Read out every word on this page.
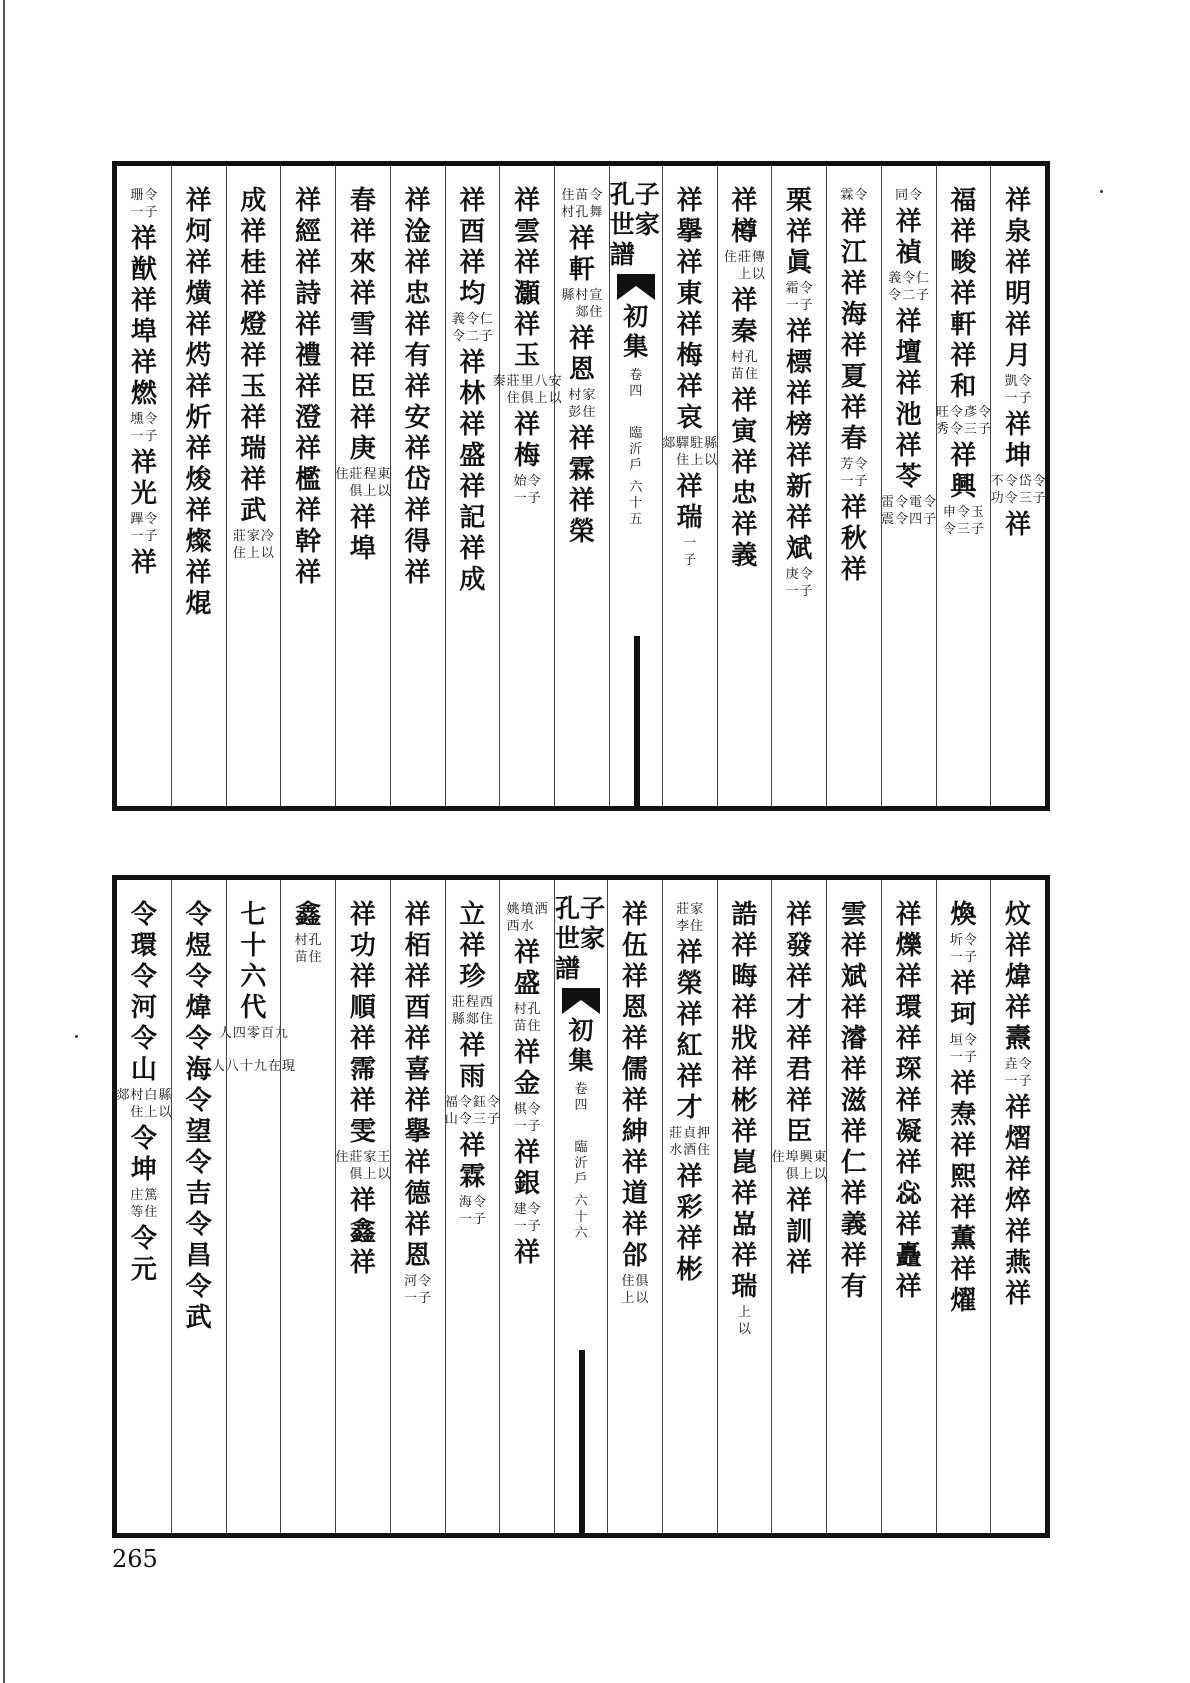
祥
泉
祥
明
祥
月
令
子
凱
一
祥
坤
令
子
岱
三
令
令
不
功
祥
福
祥
畯
祥
軒
祥
和
令
子
彥
三
令
令
旺
秀
祥
興
玉
子
令
三
申
令
令
同
祥
禎
仁
子
令
二
義
令
祥
壇
祥
池
祥
苓
令
子
電
四
令
令
雷
震
令
霖
祥
江
祥
海
祥
夏
祥
春
令
子
芳
一
祥
秋
祥
栗
祥
眞
令
子
霜
一
祥
標
祥
榜
祥
新
祥
斌
令
子
庚
一
祥
樽
傳
以
莊
上
住
祥
秦
孔
住
村
苗
祥
寅
祥
忠
祥
義
祥
擧
祥
東
祥
梅
祥
哀
縣
以
駐
上
驛
住
郯
祥
瑞
一
子
孔子世家譜
初
集
卷
四
臨
沂
戶
六
十
五
令
舞
苗
孔
住
村
祥
軒
宣
住
村
郯
縣
祥
恩
家
住
村
彭
祥
霖
祥
榮
祥
雲
祥
灝
祥
玉
安
以
八
上
里
俱
莊
住
秦
祥
梅
令
子
始
一
祥
酉
祥
均
仁
子
令
二
義
令
祥
林
祥
盛
祥
記
祥
成
祥
淦
祥
忠
祥
有
祥
安
祥
岱
祥
得
祥
春
祥
來
祥
雪
祥
臣
祥
庚
東
以
程
上
莊
俱
住
祥
埠
祥
經
祥
詩
祥
禮
祥
澄
祥
檻
祥
幹
祥
成
祥
桂
祥
燈
祥
玉
祥
瑞
祥
武
冷
以
家
上
莊
住
祥
炣
祥
熿
祥
烵
祥
炘
祥
焌
祥
燦
祥
焜
令
子
珊
一
祥
猷
祥
埠
祥
燃
令
子
壎
一
祥
光
令
子
蹕
一
祥
炆
祥
煒
祥
燾
令
子
垚
一
祥
熠
祥
焠
祥
燕
祥
煥
令
子
圻
一
祥
珂
令
子
垣
一
祥
焘
祥
熙
祥
薫
祥
燿
祥
爍
祥
環
祥
琛
祥
凝
祥
惢
祥
矗
祥
雲
祥
斌
祥
濬
祥
滋
祥
仁
祥
義
祥
有
祥
發
祥
才
祥
君
祥
臣
東
以
興
上
埠
俱
住
祥
訓
祥
誥
祥
晦
祥
戕
祥
彬
祥
崑
祥
嵓
祥
瑞
上
以
家
住
莊
李
祥
榮
祥
紅
祥
才
押
住
貞
酒
莊
水
祥
彩
祥
彬
祥
伍
祥
恩
祥
儒
祥
紳
祥
道
祥
郃
俱
以
住
上
孔子世家譜
初
集
卷
四
臨
沂
戶
六
十
六
洒
墳
水
姚
西
祥
盛
孔
住
村
苗
祥
金
令
子
棋
一
祥
銀
令
子
建
一
祥
立
祥
珍
西
住
程
郯
莊
縣
祥
雨
令
子
鈺
三
令
令
福
山
祥
霖
令
子
海
一
祥
栢
祥
酉
祥
喜
祥
擧
祥
德
祥
恩
令
子
河
一
祥
功
祥
順
祥
霈
祥
雯
王
以
家
上
莊
俱
住
祥
鑫
祥
鑫
孔
住
村
苗
七
十
六
代
九
百
零
四
人
現
在
九
十
八
人
令
煜
令
煒
令
海
令
望
令
吉
令
昌
令
武
令
環
令
河
令
山
縣
以
白
上
村
住
郯
令
坤
篤
住
庄
等
令
元
265
